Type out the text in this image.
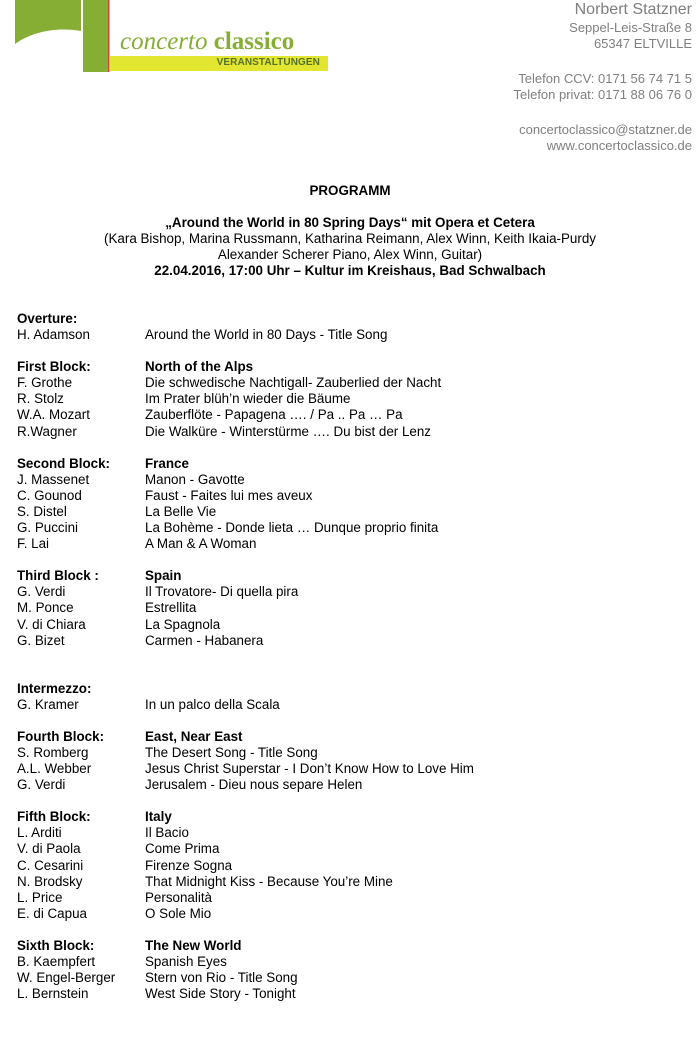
concerto classico
VERANSTALTUNGEN
Norbert Statzner
Seppel-Leis-Straße 8
65347 ELTVILLE
Telefon CCV: 0171 56 74 71 5
Telefon privat: 0171 88 06 76 0
concertoclassico@statzner.de
www.concertoclassico.de
PROGRAMM
„Around the World in 80 Spring Days“ mit Opera et Cetera
(Kara Bishop, Marina Russmann, Katharina Reimann, Alex Winn, Keith Ikaia-Purdy
Alexander Scherer Piano, Alex Winn, Guitar)
22.04.2016, 17:00 Uhr – Kultur im Kreishaus, Bad Schwalbach
Overture:
H. Adamson	Around the World in 80 Days - Title Song
First Block:	North of the Alps
F. Grothe	Die schwedische Nachtigall- Zauberlied der Nacht
R. Stolz	Im Prater blüh’n wieder die Bäume
W.A. Mozart	Zauberflöte - Papagena …. / Pa .. Pa … Pa
R.Wagner	Die Walküre - Winterstürme …. Du bist der Lenz
Second Block:	France
J. Massenet	Manon - Gavotte
C. Gounod	Faust - Faites lui mes aveux
S. Distel	La Belle Vie
G. Puccini	La Bohème - Donde lieta … Dunque proprio finita
F. Lai	A Man & A Woman
Third Block :	Spain
G. Verdi	Il Trovatore- Di quella pira
M. Ponce	Estrellita
V. di Chiara	La Spagnola
G. Bizet	Carmen - Habanera
Intermezzo:
G. Kramer	In un palco della Scala
Fourth Block:	East, Near East
S. Romberg	The Desert Song - Title Song
A.L. Webber	Jesus Christ Superstar - I Don’t Know How to Love Him
G. Verdi	Jerusalem - Dieu nous separe Helen
Fifth Block:	Italy
L. Arditi	Il Bacio
V. di Paola	Come Prima
C. Cesarini	Firenze Sogna
N. Brodsky	That Midnight Kiss - Because You’re Mine
L. Price	Personalità
E. di Capua	O Sole Mio
Sixth Block:	The New World
B. Kaempfert	Spanish Eyes
W. Engel-Berger	Stern von Rio - Title Song
L. Bernstein	West Side Story - Tonight
